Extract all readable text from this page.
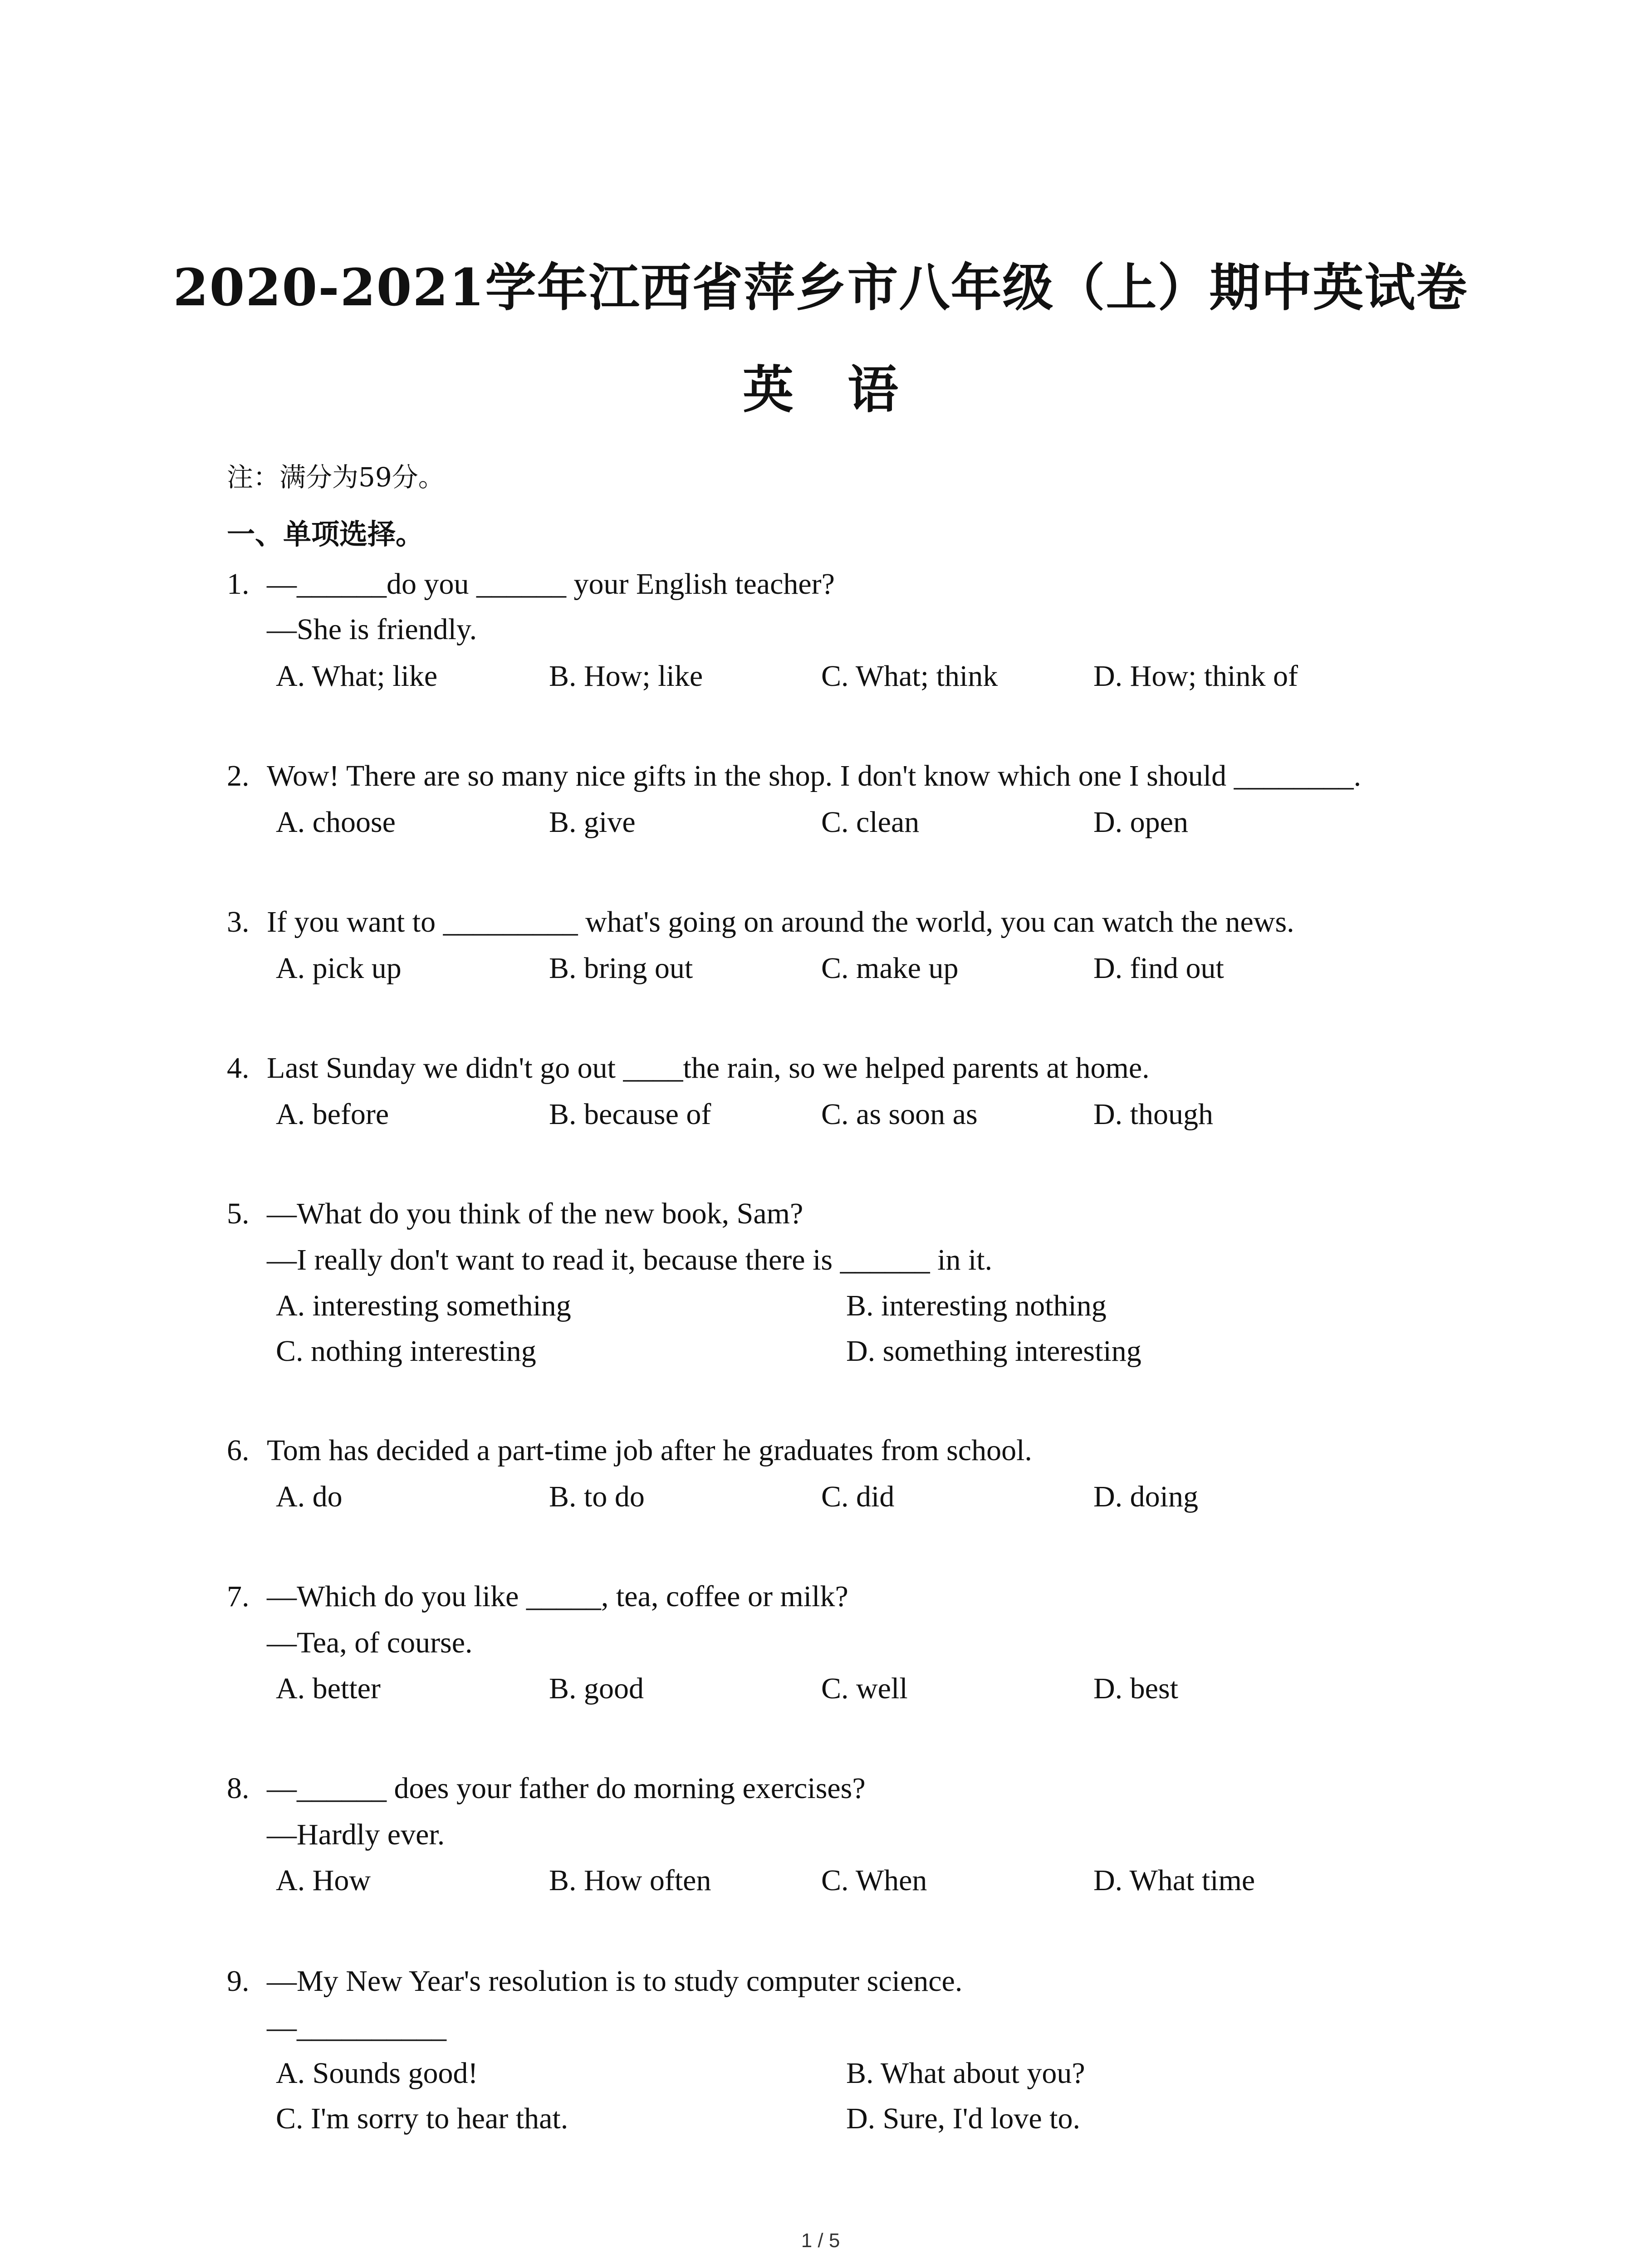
2020-2021学年江西省萍乡市八年级（上）期中英试卷
英 语
注：满分为59分。
一、单项选择。
1. —______do you ______ your English teacher?
—She is friendly.
A. What; like	B. How; like	C. What; think	D. How; think of
2. Wow! There are so many nice gifts in the shop. I don't know which one I should ________.
A. choose	B. give	C. clean	D. open
3. If you want to _________ what's going on around the world, you can watch the news.
A. pick up	B. bring out	C. make up	D. find out
4. Last Sunday we didn't go out ____the rain, so we helped parents at home.
A. before	B. because of	C. as soon as	D. though
5. —What do you think of the new book, Sam?
—I really don't want to read it, because there is ______ in it.
A. interesting something	B. interesting nothing
C. nothing interesting	D. something interesting
6. Tom has decided a part-time job after he graduates from school.
A. do	B. to do	C. did	D. doing
7. —Which do you like _____, tea, coffee or milk?
—Tea, of course.
A. better	B. good	C. well	D. best
8. —______ does your father do morning exercises?
—Hardly ever.
A. How	B. How often	C. When	D. What time
9. —My New Year's resolution is to study computer science.
—__________
A. Sounds good!	B. What about you?
C. I'm sorry to hear that.	D. Sure, I'd love to.
1 / 5
